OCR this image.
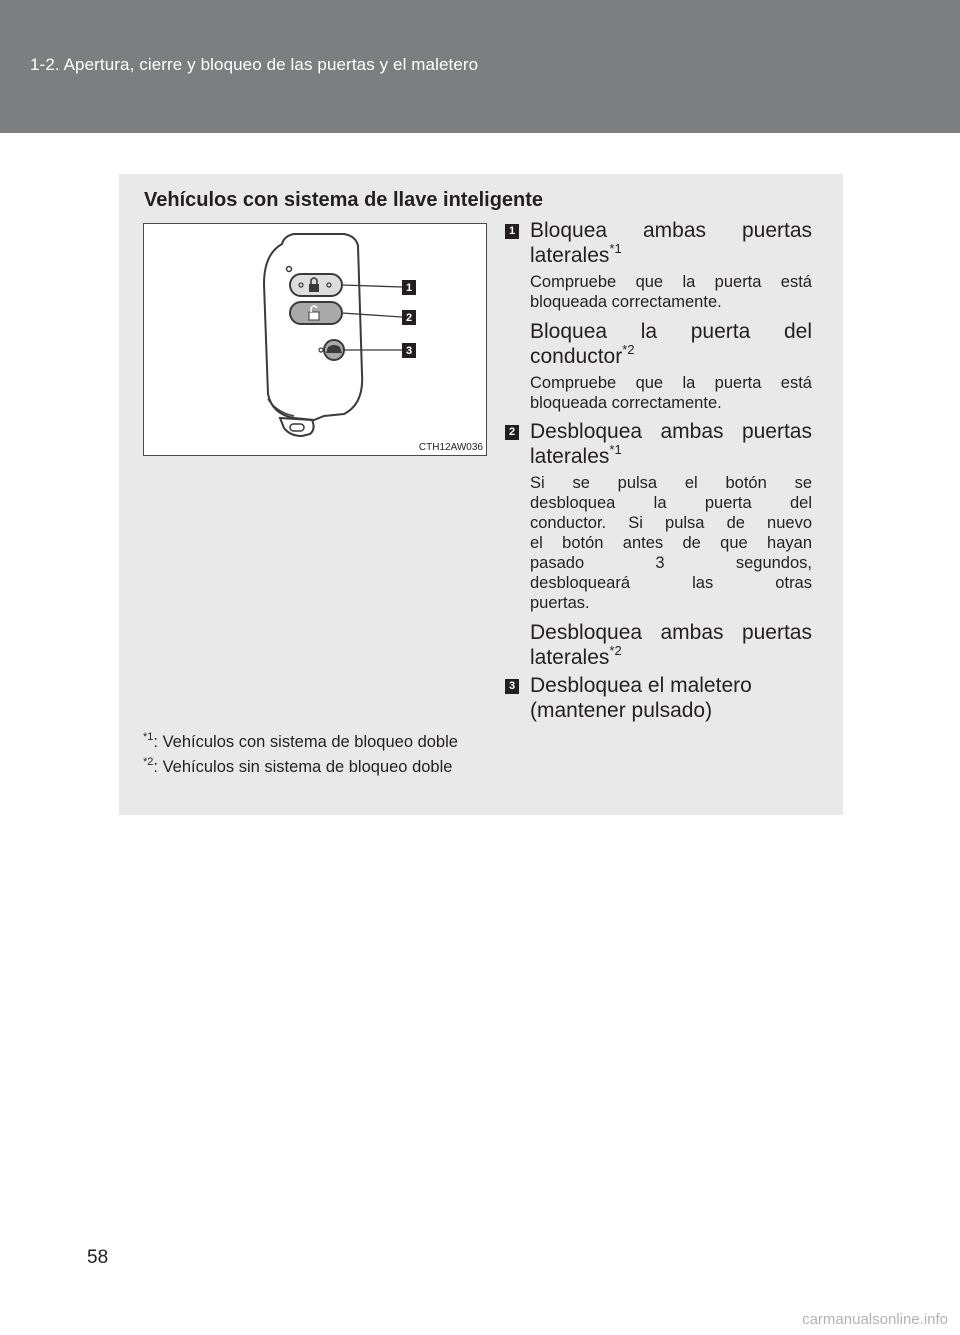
1-2. Apertura, cierre y bloqueo de las puertas y el maletero
Vehículos con sistema de llave inteligente
1
2
3
CTH12AW036
1 Bloquea ambas puertas
laterales$^{*1}$
Compruebe que la puerta está
bloqueada correctamente.
Bloquea la puerta del
conductor$^{*2}$
Compruebe que la puerta está
bloqueada correctamente.
2 Desbloquea ambas puertas
laterales$^{*1}$
Si se pulsa el botón se
desbloquea la puerta del
conductor. Si pulsa de nuevo
el botón antes de que hayan
pasado 3 segundos,
desbloqueará las otras
puertas.
Desbloquea ambas puertas
laterales$^{*2}$
3 Desbloquea el maletero
(mantener pulsado)
$^{*1}$: Vehículos con sistema de bloqueo doble
$^{*2}$: Vehículos sin sistema de bloqueo doble
58
carmanualsonline.info
